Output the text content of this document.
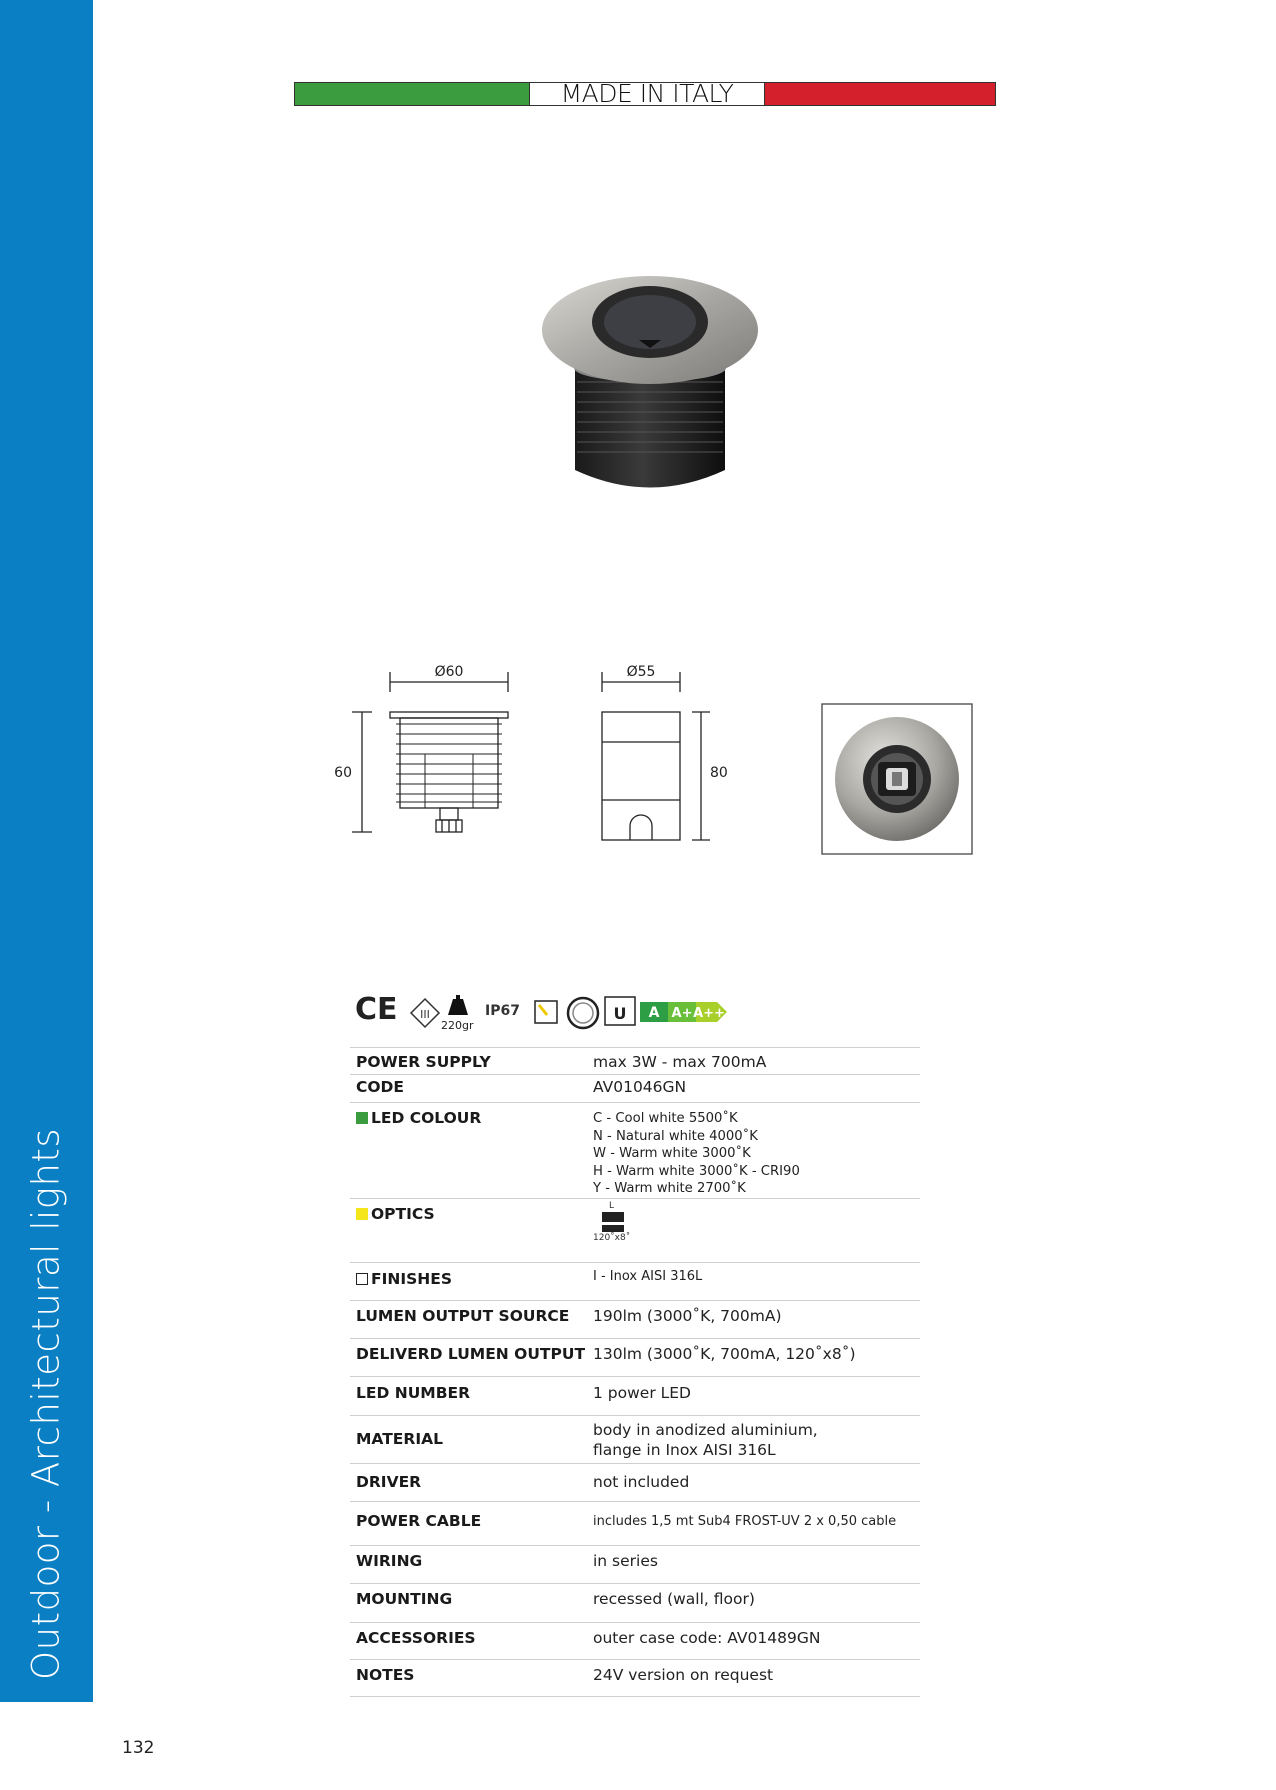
Outdoor - Architectural lights
MADE IN ITALY
Ø60
60
Ø55
80
CE III
220gr
IP67	U A A+ A++
POWER SUPPLY	max 3W - max 700mA
CODE	AV01046GN
LED COLOUR	C - Cool white 5500˚K
N - Natural white 4000˚K
W - Warm white 3000˚K
H - Warm white 3000˚K - CRI90
Y - Warm white 2700˚K

OPTICS	L
120˚x8˚

FINISHES	I - Inox AISI 316L
LUMEN OUTPUT SOURCE	190lm (3000˚K, 700mA)
DELIVERD LUMEN OUTPUT	130lm (3000˚K, 700mA, 120˚x8˚)
LED NUMBER	1 power LED
MATERIAL	body in anodized aluminium,
flange in Inox AISI 316L

DRIVER	not included
POWER CABLE	includes 1,5 mt Sub4 FROST-UV 2 x 0,50 cable
WIRING	in series
MOUNTING	recessed (wall, floor)
ACCESSORIES	outer case code: AV01489GN
NOTES	24V version on request
132
